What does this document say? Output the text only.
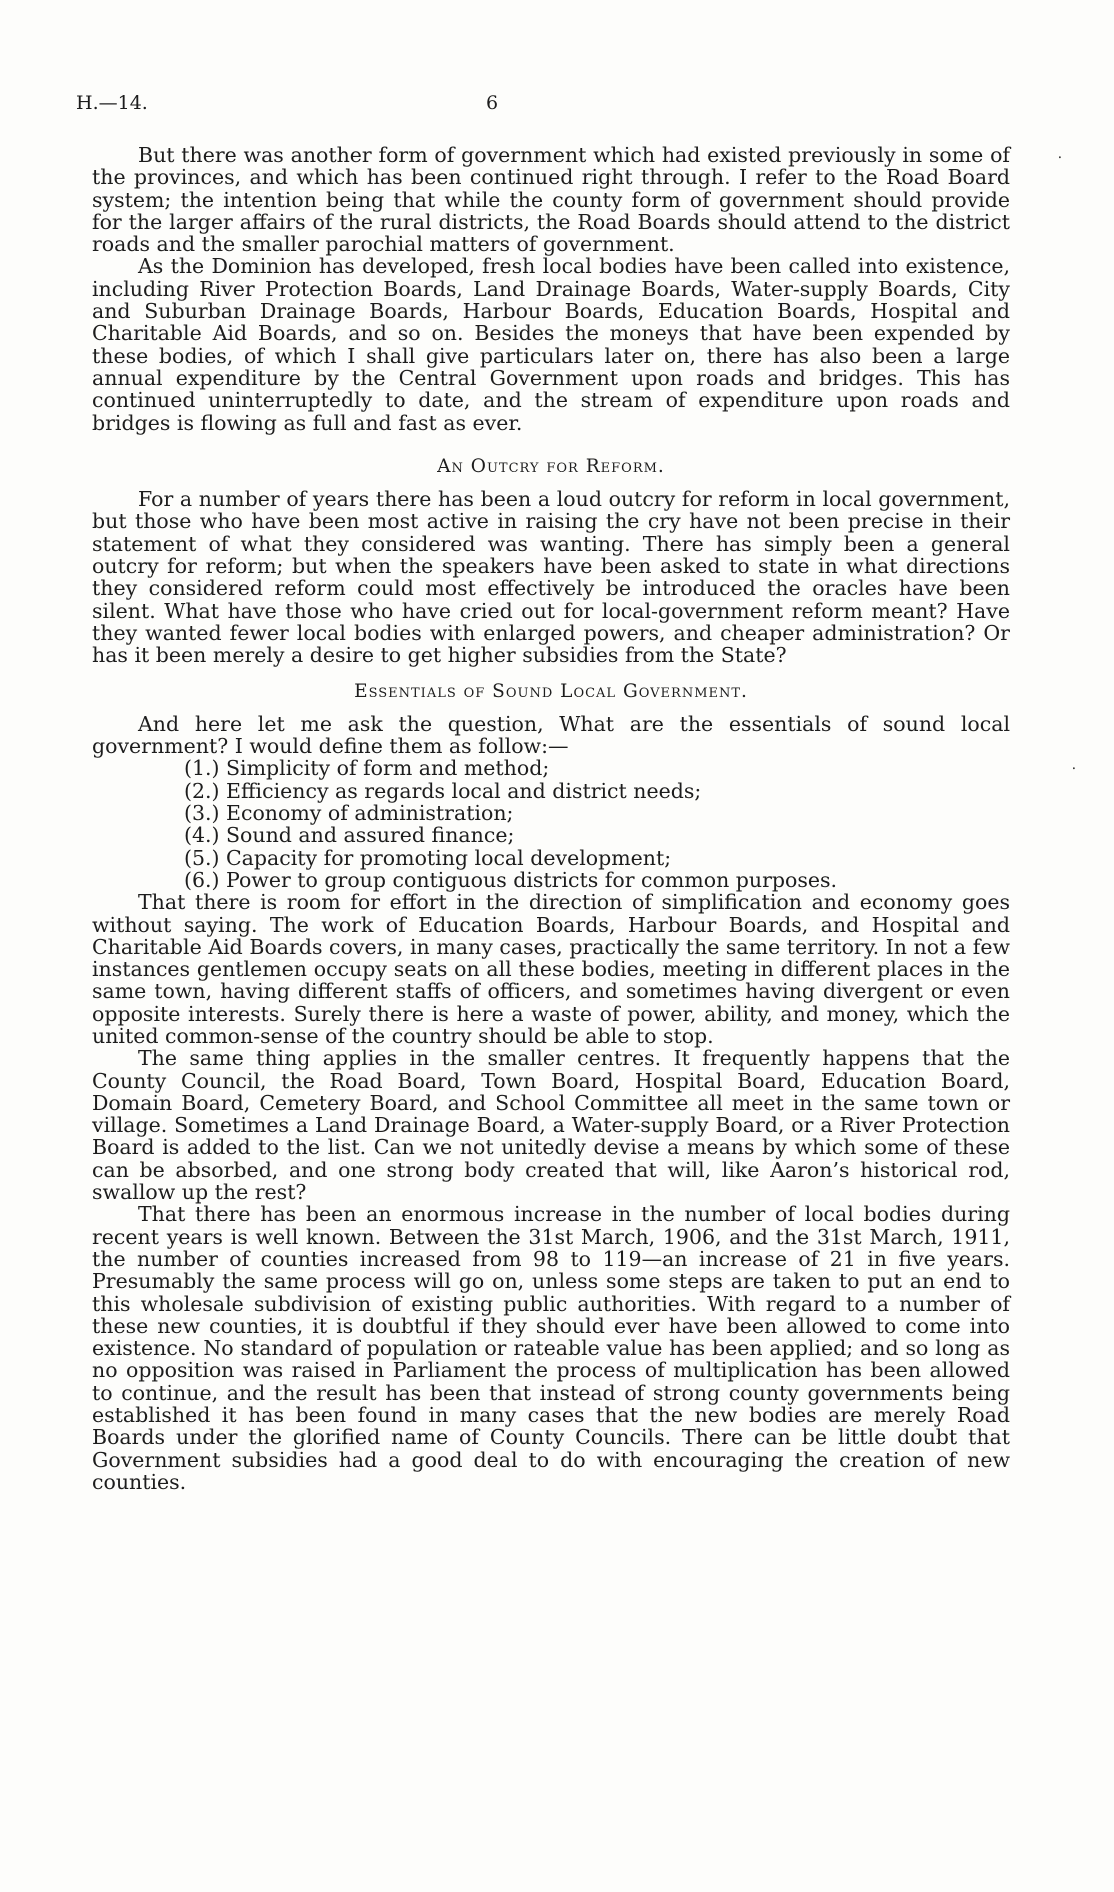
H.—14.	6
⸳
⸳

But there was another form of government which had existed previously in some of the provinces, and which has been continued right through. I refer to the Road Board system; the intention being that while the county form of government should provide for the larger affairs of the rural districts, the Road Boards should attend to the district roads and the smaller parochial matters of government.

As the Dominion has developed, fresh local bodies have been called into existence, including River Protection Boards, Land Drainage Boards, Water-supply Boards, City and Suburban Drainage Boards, Harbour Boards, Education Boards, Hospital and Charitable Aid Boards, and so on. Besides the moneys that have been expended by these bodies, of which I shall give particulars later on, there has also been a large annual expenditure by the Central Government upon roads and bridges. This has continued uninterruptedly to date, and the stream of expenditure upon roads and bridges is flowing as full and fast as ever.

An Outcry for Reform.

For a number of years there has been a loud outcry for reform in local government, but those who have been most active in raising the cry have not been precise in their statement of what they considered was wanting. There has simply been a general outcry for reform; but when the speakers have been asked to state in what directions they considered reform could most effectively be introduced the oracles have been silent. What have those who have cried out for local-government reform meant? Have they wanted fewer local bodies with enlarged powers, and cheaper administration? Or has it been merely a desire to get higher subsidies from the State?

Essentials of Sound Local Government.

And here let me ask the question, What are the essentials of sound local government? I would define them as follow:—

(1.) Simplicity of form and method;
(2.) Efficiency as regards local and district needs;
(3.) Economy of administration;
(4.) Sound and assured finance;
(5.) Capacity for promoting local development;
(6.) Power to group contiguous districts for common purposes.

That there is room for effort in the direction of simplification and economy goes without saying. The work of Education Boards, Harbour Boards, and Hospital and Charitable Aid Boards covers, in many cases, practically the same territory. In not a few instances gentlemen occupy seats on all these bodies, meeting in different places in the same town, having different staffs of officers, and sometimes having divergent or even opposite interests. Surely there is here a waste of power, ability, and money, which the united common-sense of the country should be able to stop.

The same thing applies in the smaller centres. It frequently happens that the County Council, the Road Board, Town Board, Hospital Board, Education Board, Domain Board, Cemetery Board, and School Committee all meet in the same town or village. Sometimes a Land Drainage Board, a Water-supply Board, or a River Protection Board is added to the list. Can we not unitedly devise a means by which some of these can be absorbed, and one strong body created that will, like Aaron’s historical rod, swallow up the rest?

That there has been an enormous increase in the number of local bodies during recent years is well known. Between the 31st March, 1906, and the 31st March, 1911, the number of counties increased from 98 to 119—an increase of 21 in five years. Presumably the same process will go on, unless some steps are taken to put an end to this wholesale subdivision of existing public authorities. With regard to a number of these new counties, it is doubtful if they should ever have been allowed to come into existence. No standard of population or rateable value has been applied; and so long as no opposition was raised in Parliament the process of multiplication has been allowed to continue, and the result has been that instead of strong county governments being established it has been found in many cases that the new bodies are merely Road Boards under the glorified name of County Councils. There can be little doubt that Government subsidies had a good deal to do with encouraging the creation of new counties.
